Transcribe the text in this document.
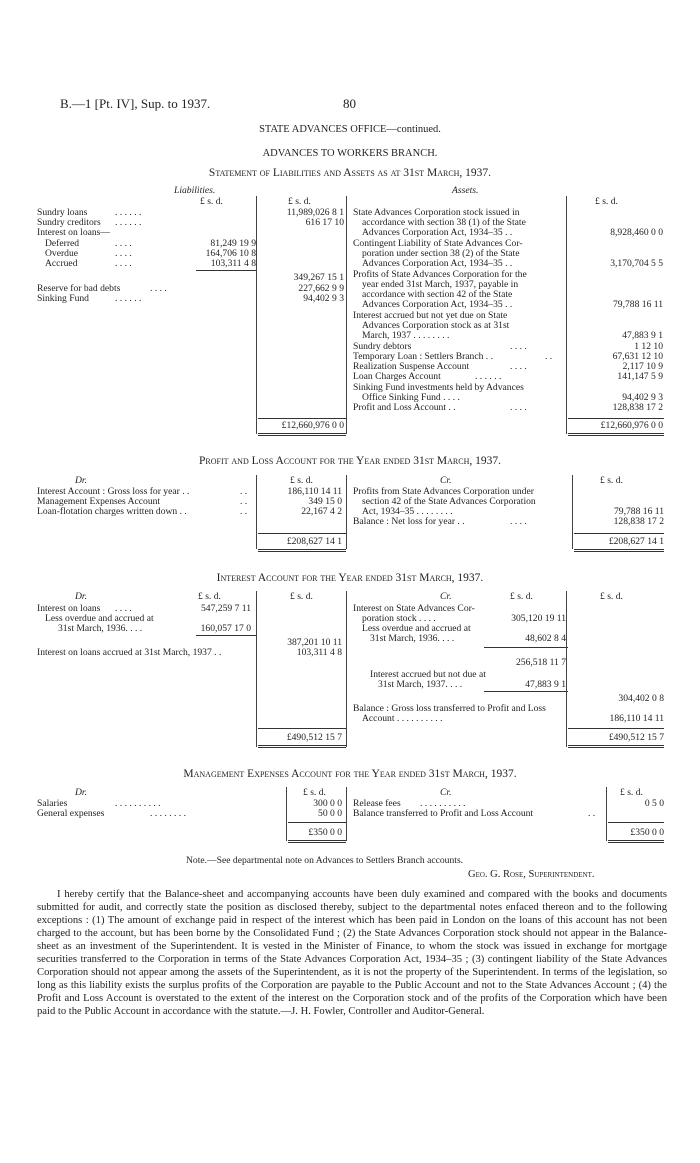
B.—1 [Pt. IV], Sup. to 1937.	80
STATE ADVANCES OFFICE—continued.
ADVANCES TO WORKERS BRANCH.
Statement of Liabilities and Assets as at 31st March, 1937.
Liabilities.	Assets.
£ s. d.	£ s. d.	£ s. d.
Sundry loans	. . . . . .	11,989,026 8 1
Sundry creditors . . . . . .	616 17 10
Interest on loans—
Deferred	. . . .	81,249 19 9
Overdue	. . . .	164,706 10 8
Accrued	. . . .	103,311 4 8
349,267 15 1
Reserve for bad debts	. . . .	227,662 9 9
Sinking Fund	. . . . . .	94,402 9 3
£12,660,976 0 0
State Advances Corporation stock issued in
accordance with section 38 (1) of the State
Advances Corporation Act, 1934–35 . .	8,928,460 0 0
Contingent Liability of State Advances Cor-
poration under section 38 (2) of the State
Advances Corporation Act, 1934–35 . .	3,170,704 5 5
Profits of State Advances Corporation for the
year ended 31st March, 1937, payable in
accordance with section 42 of the State
Advances Corporation Act, 1934–35 . .	79,788 16 11
Interest accrued but not yet due on State
Advances Corporation stock as at 31st
March, 1937 . . . . . . . .	47,883 9 1
Sundry debtors	. . . .	1 12 10
Temporary Loan : Settlers Branch . .	. .	67,631 12 10
Realization Suspense Account	. . . .	2,117 10 9
Loan Charges Account	. . . . . .	141,147 5 9
Sinking Fund investments held by Advances
Office Sinking Fund . . . .	94,402 9 3
Profit and Loss Account . .	. . . .	128,838 17 2
£12,660,976 0 0
Profit and Loss Account for the Year ended 31st March, 1937.
Dr.	Cr.
£ s. d.	£ s. d.
Interest Account : Gross loss for year . .	. .	186,110 14 11
Management Expenses Account	. .	349 15 0
Loan-flotation charges written down . .	. .	22,167 4 2
Profits from State Advances Corporation under
section 42 of the State Advances Corporation
Act, 1934–35 . . . . . . . .	79,788 16 11
Balance : Net loss for year . .	. . . .	128,838 17 2
£208,627 14 1	£208,627 14 1
Interest Account for the Year ended 31st March, 1937.
Dr.	Cr.
£ s. d.	£ s. d.	£ s. d.	£ s. d.
Interest on loans . . . .	547,259 7 11
Less overdue and accrued at
31st March, 1936. . . .	160,057 17 0
387,201 10 11
Interest on loans accrued at 31st March, 1937 . .	103,311 4 8
Interest on State Advances Cor-
poration stock . . . .	305,120 19 11
Less overdue and accrued at
31st March, 1936. . . .	48,602 8 4
256,518 11 7
Interest accrued but not due at
31st March, 1937. . . .	47,883 9 1
304,402 0 8
Balance : Gross loss transferred to Profit and Loss
Account . . . . . . . . . .	186,110 14 11
£490,512 15 7	£490,512 15 7
Management Expenses Account for the Year ended 31st March, 1937.
Dr.	Cr.
£ s. d.	£ s. d.
Salaries	. . . . . . . . . .	300 0 0
General expenses	. . . . . . . .	50 0 0
Release fees . . . . . . . . . .	0 5 0
Balance transferred to Profit and Loss Account	. .
£350 0 0	£350 0 0
Note.—See departmental note on Advances to Settlers Branch accounts.
Geo. G. Rose, Superintendent.
I hereby certify that the Balance-sheet and accompanying accounts have been duly examined and compared with the books and documents submitted for audit, and correctly state the position as disclosed thereby, subject to the departmental notes enfaced thereon and to the following exceptions : (1) The amount of exchange paid in respect of the interest which has been paid in London on the loans of this account has not been charged to the account, but has been borne by the Consolidated Fund ; (2) the State Advances Corporation stock should not appear in the Balance-sheet as an investment of the Superintendent. It is vested in the Minister of Finance, to whom the stock was issued in exchange for mortgage securities transferred to the Corporation in terms of the State Advances Corporation Act, 1934–35 ; (3) contingent liability of the State Advances Corporation should not appear among the assets of the Superintendent, as it is not the property of the Superintendent. In terms of the legislation, so long as this liability exists the surplus profits of the Corporation are payable to the Public Account and not to the State Advances Account ; (4) the Profit and Loss Account is overstated to the extent of the interest on the Corporation stock and of the profits of the Corporation which have been paid to the Public Account in accordance with the statute.—J. H. Fowler, Controller and Auditor-General.
